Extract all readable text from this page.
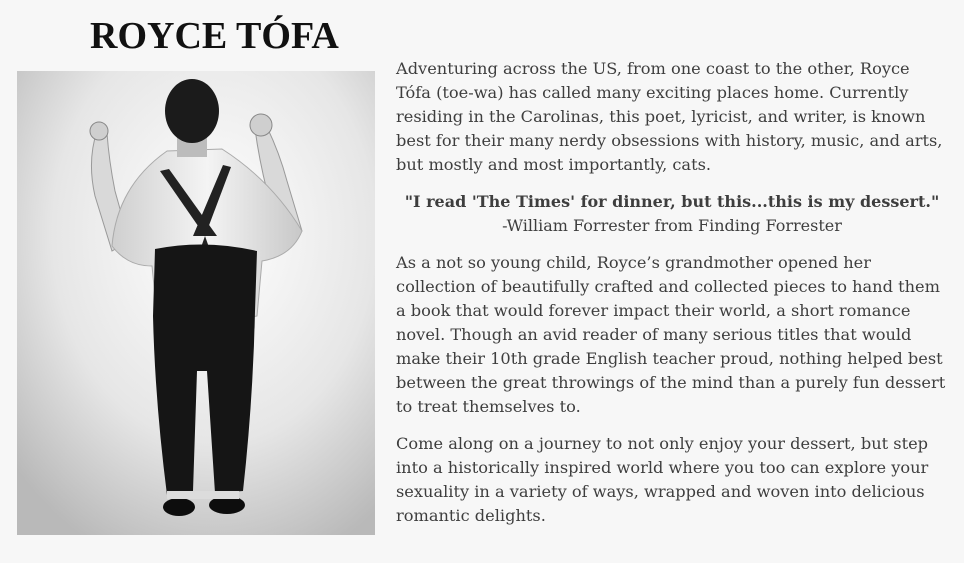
ROYCE TÓFA

Adventuring across the US, from one coast to the other, Royce Tófa (toe-wa) has called many exciting places home. Currently residing in the Carolinas, this poet, lyricist, and writer, is known best for their many nerdy obsessions with history, music, and arts, but mostly and most importantly, cats.

"I read 'The Times' for dinner, but this...this is my dessert."
-William Forrester from Finding Forrester

As a not so young child, Royce’s grandmother opened her collection of beautifully crafted and collected pieces to hand them a book that would forever impact their world, a short romance novel. Though an avid reader of many serious titles that would make their 10th grade English teacher proud, nothing helped best between the great throwings of the mind than a purely fun dessert to treat themselves to.

Come along on a journey to not only enjoy your dessert, but step into a historically inspired world where you too can explore your sexuality in a variety of ways, wrapped and woven into delicious romantic delights.
